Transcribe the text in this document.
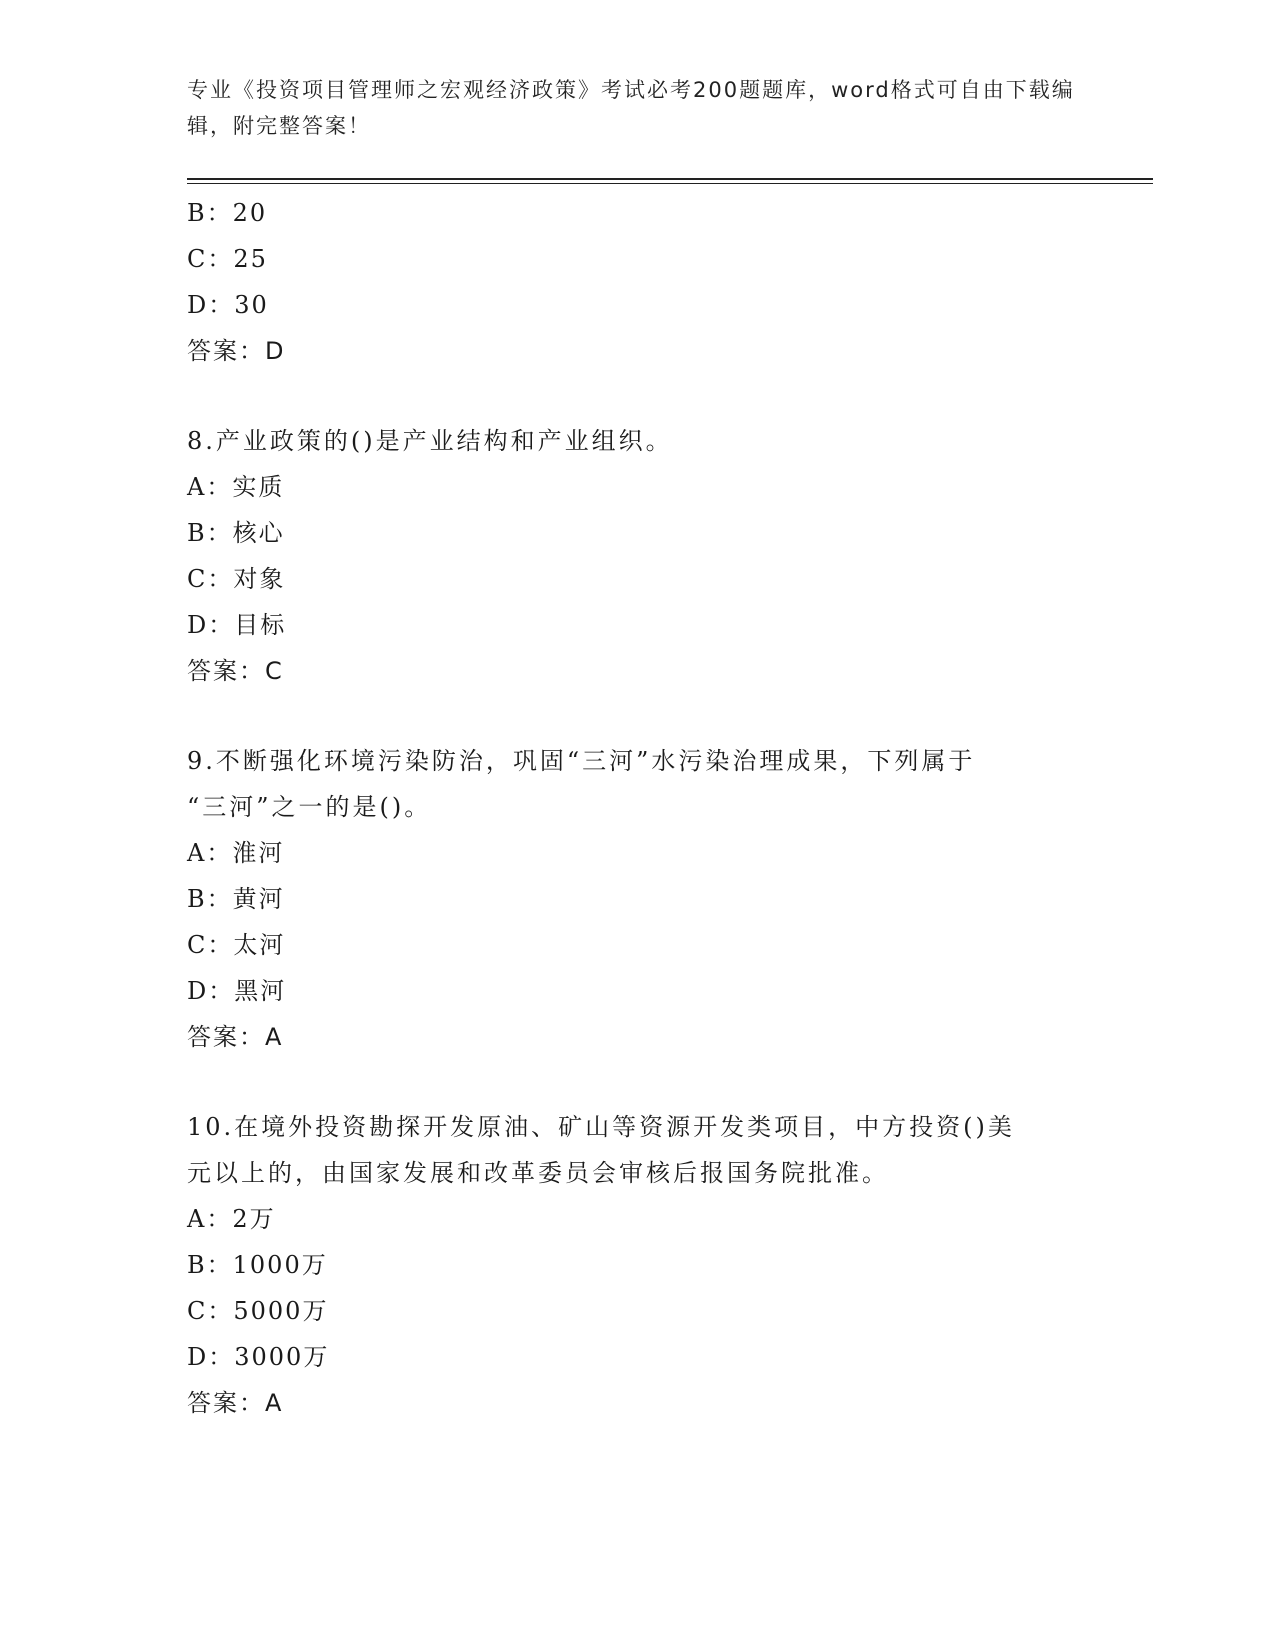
专业《投资项目管理师之宏观经济政策》考试必考200题题库，word格式可自由下载编辑，附完整答案！
B：20
C：25
D：30
答案：D
8.产业政策的()是产业结构和产业组织。
A：实质
B：核心
C：对象
D：目标
答案：C
9.不断强化环境污染防治，巩固“三河”水污染治理成果，下列属于
“三河”之一的是()。
A：淮河
B：黄河
C：太河
D：黑河
答案：A
10.在境外投资勘探开发原油、矿山等资源开发类项目，中方投资()美
元以上的，由国家发展和改革委员会审核后报国务院批准。
A：2万
B：1000万
C：5000万
D：3000万
答案：A
